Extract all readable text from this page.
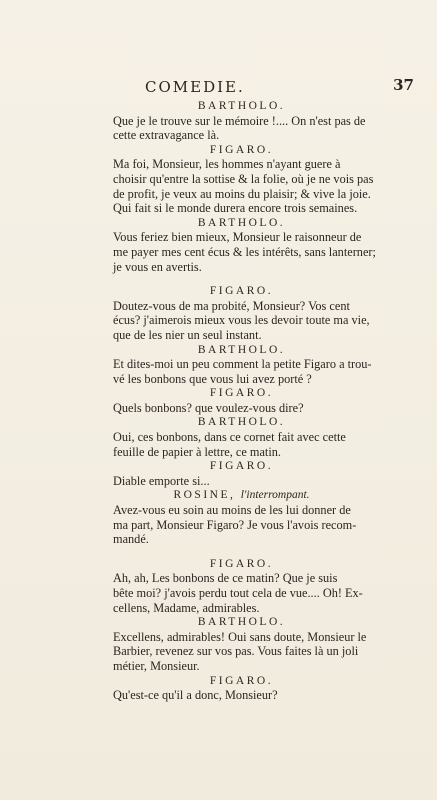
COMEDIE.	37

BARTHOLO.

Que je le trouve sur le mémoire !.... On n'est pas de
cette extravagance là.

FIGARO.

Ma foi, Monsieur, les hommes n'ayant guere à
choisir qu'entre la sottise & la folie, où je ne vois pas
de profit, je veux au moins du plaisir; & vive la joie.
Qui fait si le monde durera encore trois semaines.

BARTHOLO.

Vous feriez bien mieux, Monsieur le raisonneur de
me payer mes cent écus & les intérêts, sans lanterner;
je vous en avertis.

FIGARO.

Doutez-vous de ma probité, Monsieur? Vos cent
écus? j'aimerois mieux vous les devoir toute ma vie,
que de les nier un seul instant.

BARTHOLO.

Et dites-moi un peu comment la petite Figaro a trou-
vé les bonbons que vous lui avez porté ?

FIGARO.

Quels bonbons? que voulez-vous dire?

BARTHOLO.

Oui, ces bonbons, dans ce cornet fait avec cette
feuille de papier à lettre, ce matin.

FIGARO.

Diable emporte si...

ROSINE, l'interrompant.

Avez-vous eu soin au moins de les lui donner de
ma part, Monsieur Figaro? Je vous l'avois recom-
mandé.

FIGARO.

Ah, ah, Les bonbons de ce matin? Que je suis
bête moi? j'avois perdu tout cela de vue.... Oh! Ex-
cellens, Madame, admirables.

BARTHOLO.

Excellens, admirables! Oui sans doute, Monsieur le
Barbier, revenez sur vos pas. Vous faites là un joli
métier, Monsieur.

FIGARO.

Qu'est-ce qu'il a donc, Monsieur?
